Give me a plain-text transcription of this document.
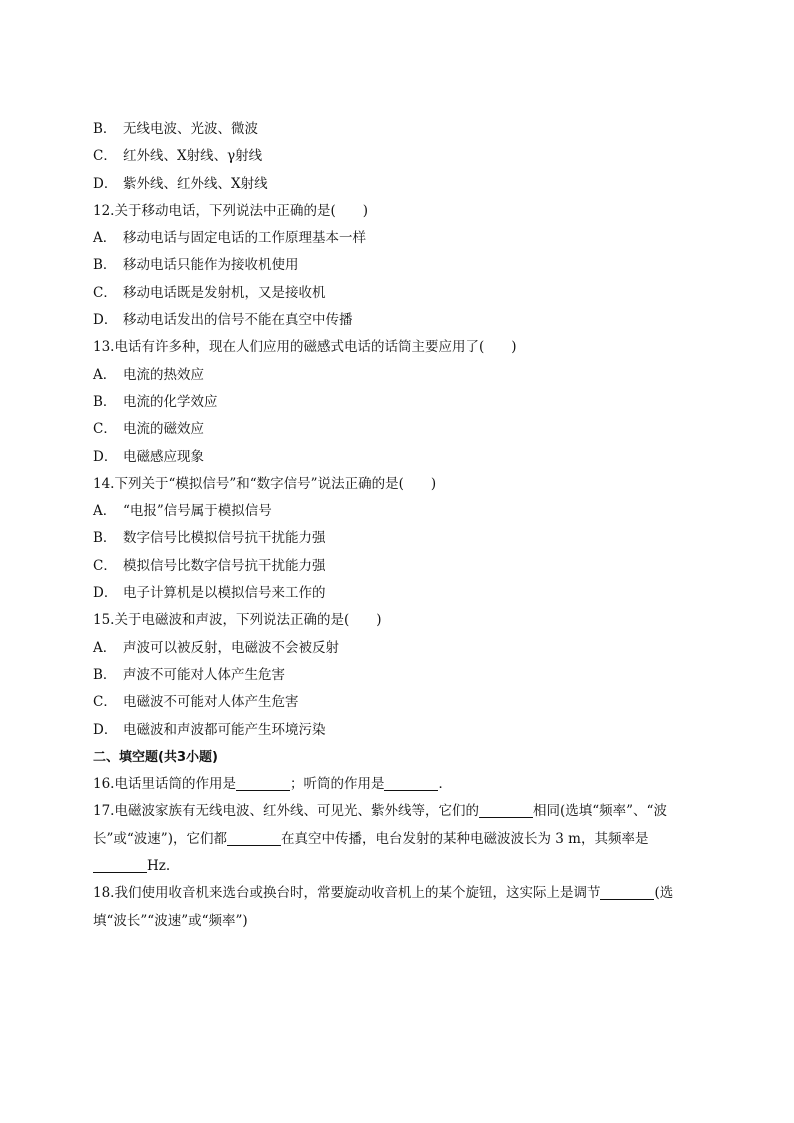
B． 无线电波、光波、微波
C． 红外线、X射线、γ射线
D． 紫外线、红外线、X射线
12.关于移动电话，下列说法中正确的是(　　)
A． 移动电话与固定电话的工作原理基本一样
B． 移动电话只能作为接收机使用
C． 移动电话既是发射机，又是接收机
D． 移动电话发出的信号不能在真空中传播
13.电话有许多种，现在人们应用的磁感式电话的话筒主要应用了(　　)
A． 电流的热效应
B． 电流的化学效应
C． 电流的磁效应
D． 电磁感应现象
14.下列关于“模拟信号”和“数字信号”说法正确的是(　　)
A． “电报”信号属于模拟信号
B． 数字信号比模拟信号抗干扰能力强
C． 模拟信号比数字信号抗干扰能力强
D． 电子计算机是以模拟信号来工作的
15.关于电磁波和声波，下列说法正确的是(　　)
A． 声波可以被反射，电磁波不会被反射
B． 声波不可能对人体产生危害
C． 电磁波不可能对人体产生危害
D． 电磁波和声波都可能产生环境污染
二、填空题(共3小题)
16.电话里话筒的作用是	；听筒的作用是	．
17.电磁波家族有无线电波、红外线、可见光、紫外线等，它们的	相同(选填“频率”、“波
长”或“波速”)，它们都	在真空中传播，电台发射的某种电磁波波长为 3 m，其频率是
Hz.
18.我们使用收音机来选台或换台时，常要旋动收音机上的某个旋钮，这实际上是调节	(选
填“波长”“波速”或“频率”)
